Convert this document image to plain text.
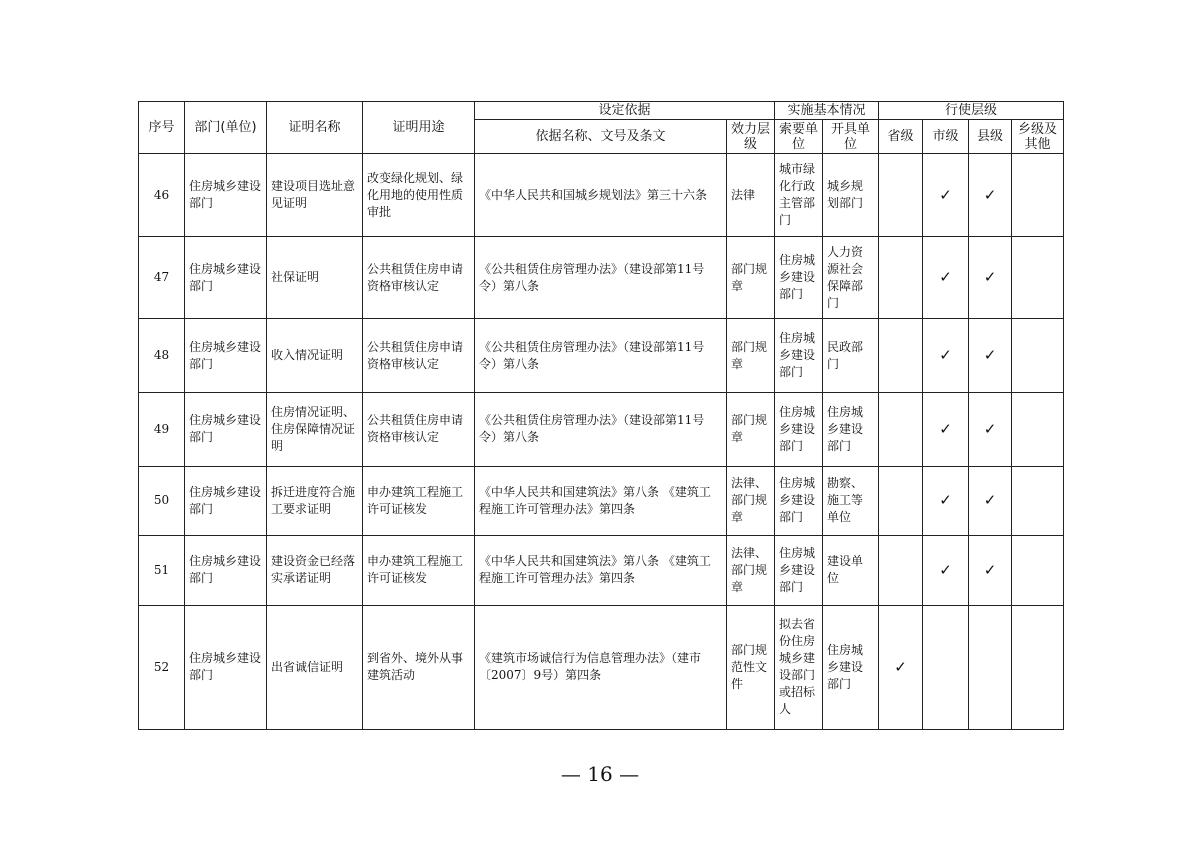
序号	部门(单位)	证明名称	证明用途	设定依据		实施基本情况		行使层级			
				依据名称、文号及条文	效力层级	索要单位	开具单位	省级	市级	县级	乡级及其他
46	住房城乡建设部门	建设项目选址意见证明	改变绿化规划、绿化用地的使用性质审批	《中华人民共和国城乡规划法》第三十六条	法律	城市绿化行政主管部门	城乡规划部门		✓	✓	
47	住房城乡建设部门	社保证明	公共租赁住房申请资格审核认定	《公共租赁住房管理办法》（建设部第11号令）第八条	部门规章	住房城乡建设部门	人力资源社会保障部门		✓	✓	
48	住房城乡建设部门	收入情况证明	公共租赁住房申请资格审核认定	《公共租赁住房管理办法》（建设部第11号令）第八条	部门规章	住房城乡建设部门	民政部门		✓	✓	
49	住房城乡建设部门	住房情况证明、住房保障情况证明	公共租赁住房申请资格审核认定	《公共租赁住房管理办法》（建设部第11号令）第八条	部门规章	住房城乡建设部门	住房城乡建设部门		✓	✓	
50	住房城乡建设部门	拆迁进度符合施工要求证明	申办建筑工程施工许可证核发	《中华人民共和国建筑法》第八条 《建筑工程施工许可管理办法》第四条	法律、部门规章	住房城乡建设部门	勘察、施工等单位		✓	✓	
51	住房城乡建设部门	建设资金已经落实承诺证明	申办建筑工程施工许可证核发	《中华人民共和国建筑法》第八条 《建筑工程施工许可管理办法》第四条	法律、部门规章	住房城乡建设部门	建设单位		✓	✓	
52	住房城乡建设部门	出省诚信证明	到省外、境外从事建筑活动	《建筑市场诚信行为信息管理办法》（建市〔2007〕9号）第四条	部门规范性文件	拟去省份住房城乡建设部门或招标人	住房城乡建设部门	✓			
— 16 —
